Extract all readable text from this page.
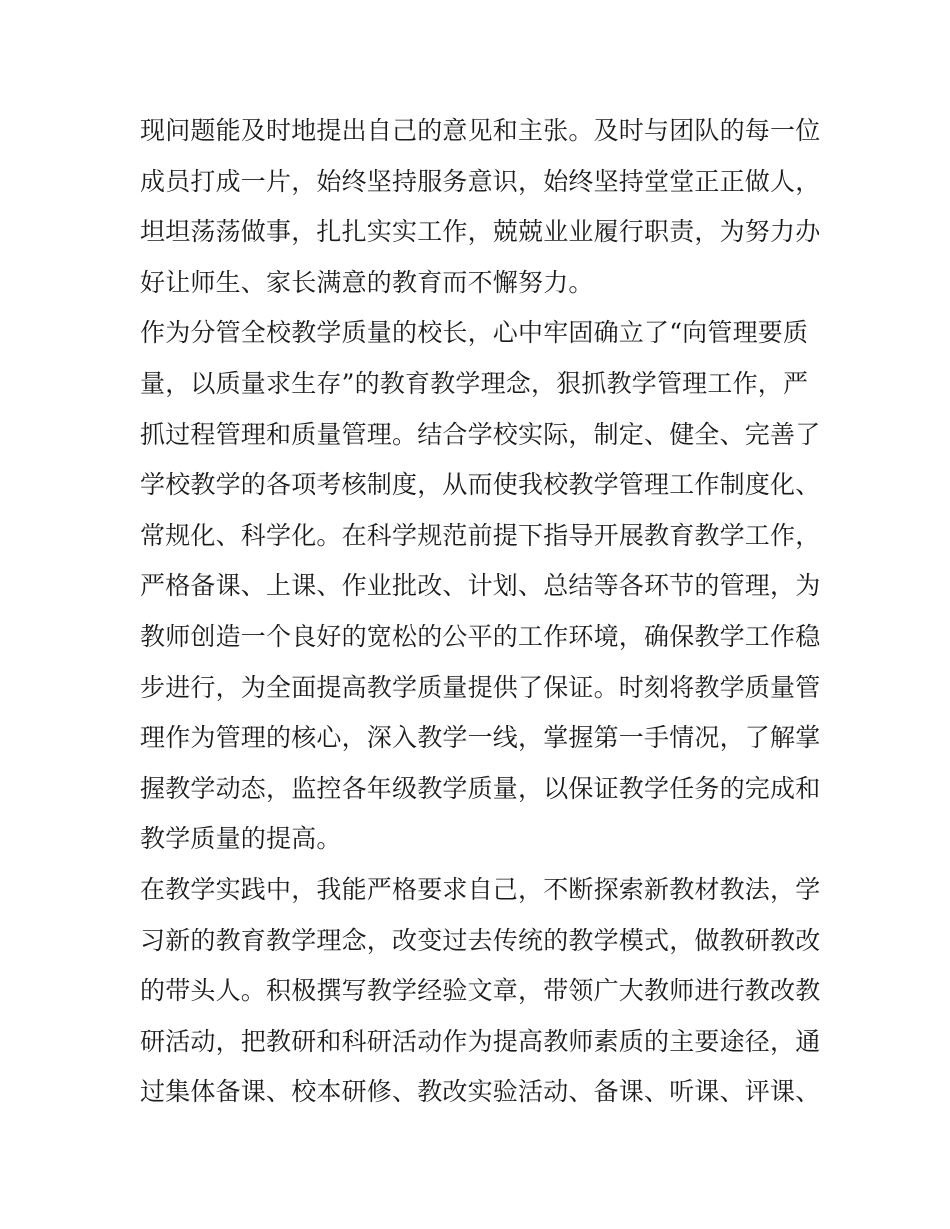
现问题能及时地提出自己的意见和主张。及时与团队的每一位
成员打成一片，始终坚持服务意识，始终坚持堂堂正正做人，
坦坦荡荡做事，扎扎实实工作，兢兢业业履行职责，为努力办
好让师生、家长满意的教育而不懈努力。
作为分管全校教学质量的校长，心中牢固确立了“向管理要质
量，以质量求生存”的教育教学理念，狠抓教学管理工作，严
抓过程管理和质量管理。结合学校实际，制定、健全、完善了
学校教学的各项考核制度，从而使我校教学管理工作制度化、
常规化、科学化。在科学规范前提下指导开展教育教学工作，
严格备课、上课、作业批改、计划、总结等各环节的管理，为
教师创造一个良好的宽松的公平的工作环境，确保教学工作稳
步进行，为全面提高教学质量提供了保证。时刻将教学质量管
理作为管理的核心，深入教学一线，掌握第一手情况，了解掌
握教学动态，监控各年级教学质量，以保证教学任务的完成和
教学质量的提高。
在教学实践中，我能严格要求自己，不断探索新教材教法，学
习新的教育教学理念，改变过去传统的教学模式，做教研教改
的带头人。积极撰写教学经验文章，带领广大教师进行教改教
研活动，把教研和科研活动作为提高教师素质的主要途径，通
过集体备课、校本研修、教改实验活动、备课、听课、评课、
